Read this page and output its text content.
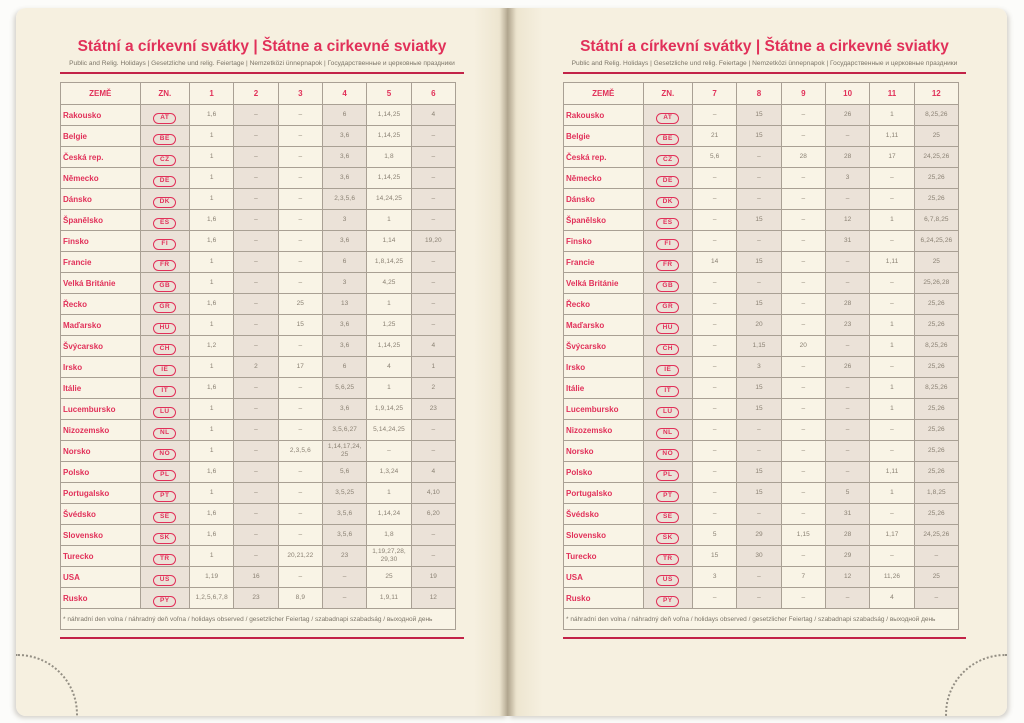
Státní a církevní svátky | Štátne a cirkevné sviatky
Public and Relig. Holidays | Gesetzliche und relig. Feiertage | Nemzetközi ünnepnapok | Государственные и церковные праздники
ZEMĚ	ZN.	1	2	3	4	5	6
Rakousko	AT	1, 6	–	–	6	1, 14, 25	4
Belgie	BE	1	–	–	3, 6	1, 14, 25	–
Česká rep.	CZ	1	–	–	3, 6	1, 8	–
Německo	DE	1	–	–	3, 6	1, 14, 25	–
Dánsko	DK	1	–	–	2, 3, 5, 6	14, 24, 25	–
Španělsko	ES	1, 6	–	–	3	1	–
Finsko	FI	1, 6	–	–	3, 6	1, 14	19, 20
Francie	FR	1	–	–	6	1, 8, 14, 25	–
Velká Británie	GB	1	–	–	3	4, 25	–
Řecko	GR	1, 6	–	25	13	1	–
Maďarsko	HU	1	–	15	3, 6	1, 25	–
Švýcarsko	CH	1, 2	–	–	3, 6	1, 14, 25	4
Irsko	IE	1	2	17	6	4	1
Itálie	IT	1, 6	–	–	5, 6, 25	1	2
Lucembursko	LU	1	–	–	3, 6	1, 9, 14, 25	23
Nizozemsko	NL	1	–	–	3, 5, 6, 27	5, 14, 24, 25	–
Norsko	NO	1	–	2, 3, 5, 6	1, 14, 17, 24, 25	–	–
Polsko	PL	1, 6	–	–	5, 6	1, 3, 24	4
Portugalsko	PT	1	–	–	3, 5, 25	1	4, 10
Švédsko	SE	1, 6	–	–	3, 5, 6	1, 14, 24	6, 20
Slovensko	SK	1, 6	–	–	3, 5, 6	1, 8	–
Turecko	TR	1	–	20, 21, 22	23	1, 19, 27, 28, 29, 30	–
USA	US	1, 19	16	–	–	25	19
Rusko	PY	1, 2, 5, 6, 7, 8	23	8, 9	–	1, 9, 11	12
* náhradní den volna / náhradný deň voľna / holidays observed / gesetzlicher Feiertag / szabadnapi szabadság / выходной день							
Státní a církevní svátky | Štátne a cirkevné sviatky
Public and Relig. Holidays | Gesetzliche und relig. Feiertage | Nemzetközi ünnepnapok | Государственные и церковные праздники
ZEMĚ	ZN.	7	8	9	10	11	12
Rakousko	AT	–	15	–	26	1	8, 25, 26
Belgie	BE	21	15	–	–	1, 11	25
Česká rep.	CZ	5, 6	–	28	28	17	24, 25, 26
Německo	DE	–	–	–	3	–	25, 26
Dánsko	DK	–	–	–	–	–	25, 26
Španělsko	ES	–	15	–	12	1	6, 7, 8, 25
Finsko	FI	–	–	–	31	–	6, 24, 25, 26
Francie	FR	14	15	–	–	1, 11	25
Velká Británie	GB	–	–	–	–	–	25, 26, 28
Řecko	GR	–	15	–	28	–	25, 26
Maďarsko	HU	–	20	–	23	1	25, 26
Švýcarsko	CH	–	1, 15	20	–	1	8, 25, 26
Irsko	IE	–	3	–	26	–	25, 26
Itálie	IT	–	15	–	–	1	8, 25, 26
Lucembursko	LU	–	15	–	–	1	25, 26
Nizozemsko	NL	–	–	–	–	–	25, 26
Norsko	NO	–	–	–	–	–	25, 26
Polsko	PL	–	15	–	–	1, 11	25, 26
Portugalsko	PT	–	15	–	5	1	1, 8, 25
Švédsko	SE	–	–	–	31	–	25, 26
Slovensko	SK	5	29	1, 15	28	1, 17	24, 25, 26
Turecko	TR	15	30	–	29	–	–
USA	US	3	–	7	12	11, 26	25
Rusko	PY	–	–	–	–	4	–
* náhradní den volna / náhradný deň voľna / holidays observed / gesetzlicher Feiertag / szabadnapi szabadság / выходной день							
